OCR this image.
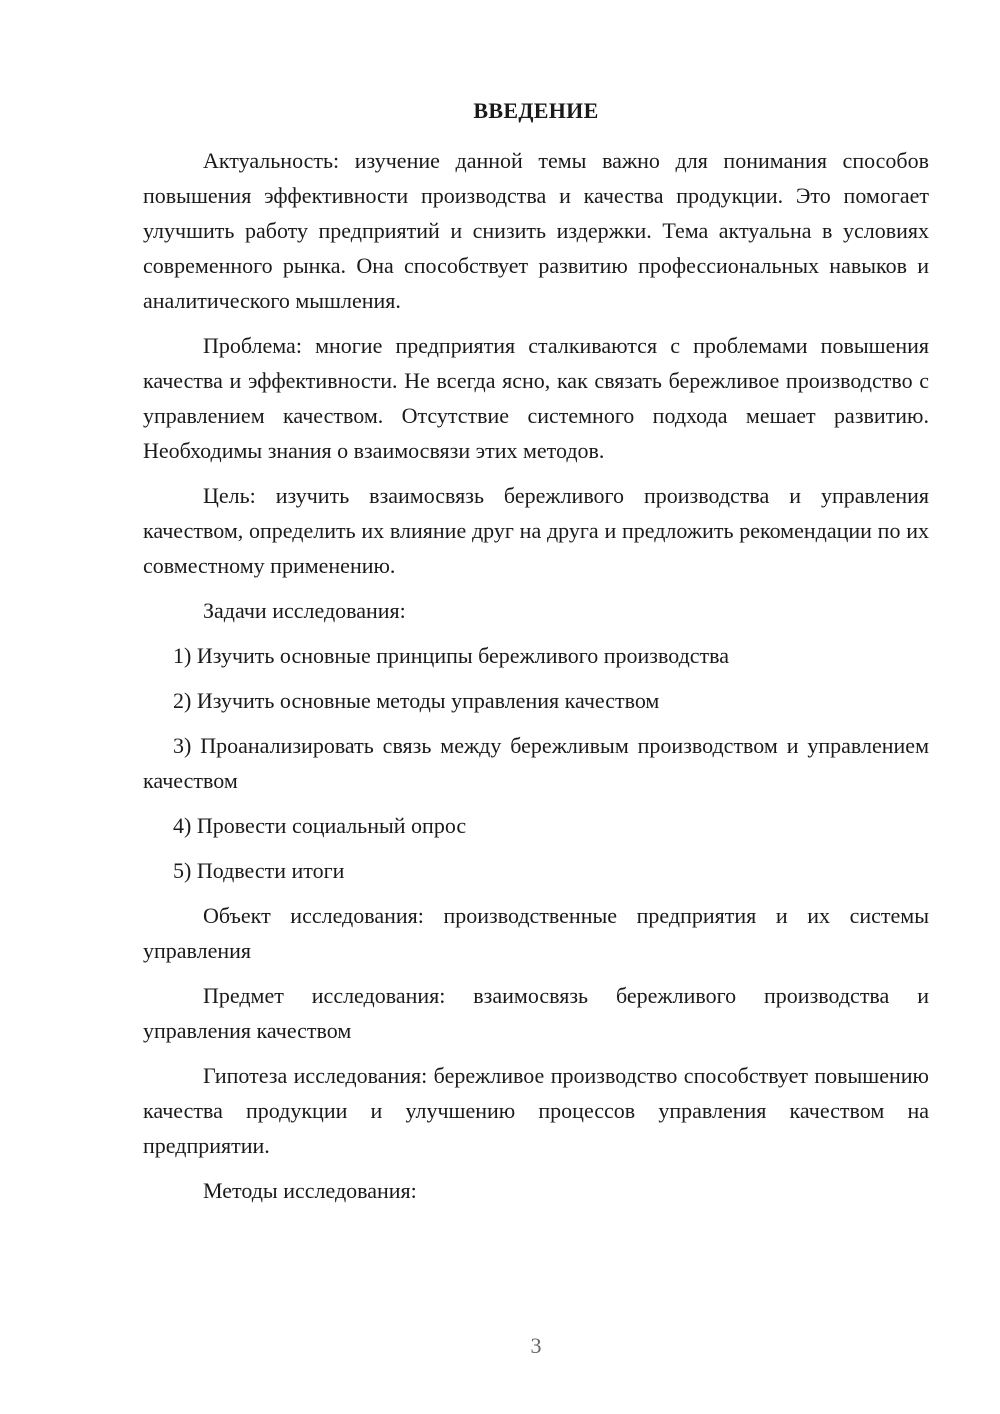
ВВЕДЕНИЕ

Актуальность: изучение данной темы важно для понимания способов повышения эффективности производства и качества продукции. Это помогает улучшить работу предприятий и снизить издержки. Тема актуальна в условиях современного рынка. Она способствует развитию профессиональных навыков и аналитического мышления.

Проблема: многие предприятия сталкиваются с проблемами повышения качества и эффективности. Не всегда ясно, как связать бережливое производство с управлением качеством. Отсутствие системного подхода мешает развитию. Необходимы знания о взаимосвязи этих методов.

Цель: изучить взаимосвязь бережливого производства и управления качеством, определить их влияние друг на друга и предложить рекомендации по их совместному применению.

Задачи исследования:

1) Изучить основные принципы бережливого производства

2) Изучить основные методы управления качеством

3) Проанализировать связь между бережливым производством и управлением качеством

4) Провести социальный опрос

5) Подвести итоги

Объект исследования: производственные предприятия и их системы управления

Предмет исследования: взаимосвязь бережливого производства и управления качеством

Гипотеза исследования: бережливое производство способствует повышению качества продукции и улучшению процессов управления качеством на предприятии.

Методы исследования:

3
